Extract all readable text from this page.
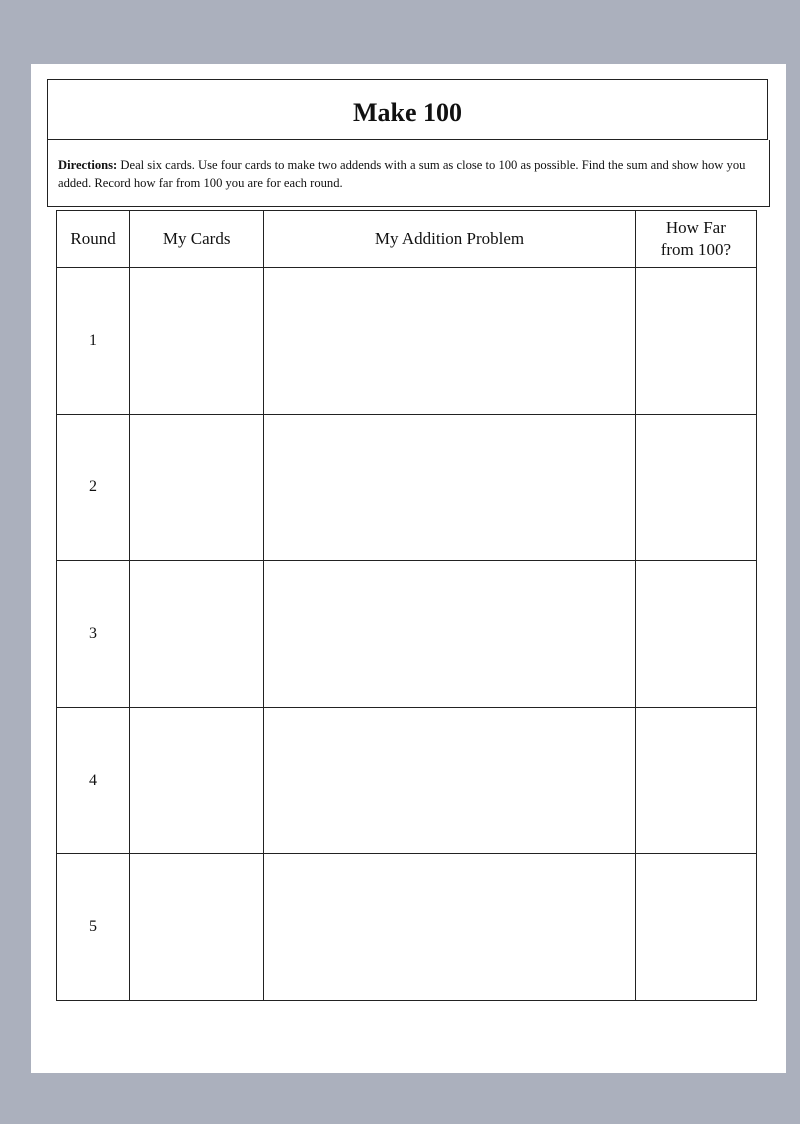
Make 100
Directions: Deal six cards. Use four cards to make two addends with a sum as close to 100 as possible. Find the sum and show how you added. Record how far from 100 you are for each round.
Round	My Cards	My Addition Problem	How Far
from 100?
1			
2			
3			
4			
5			
